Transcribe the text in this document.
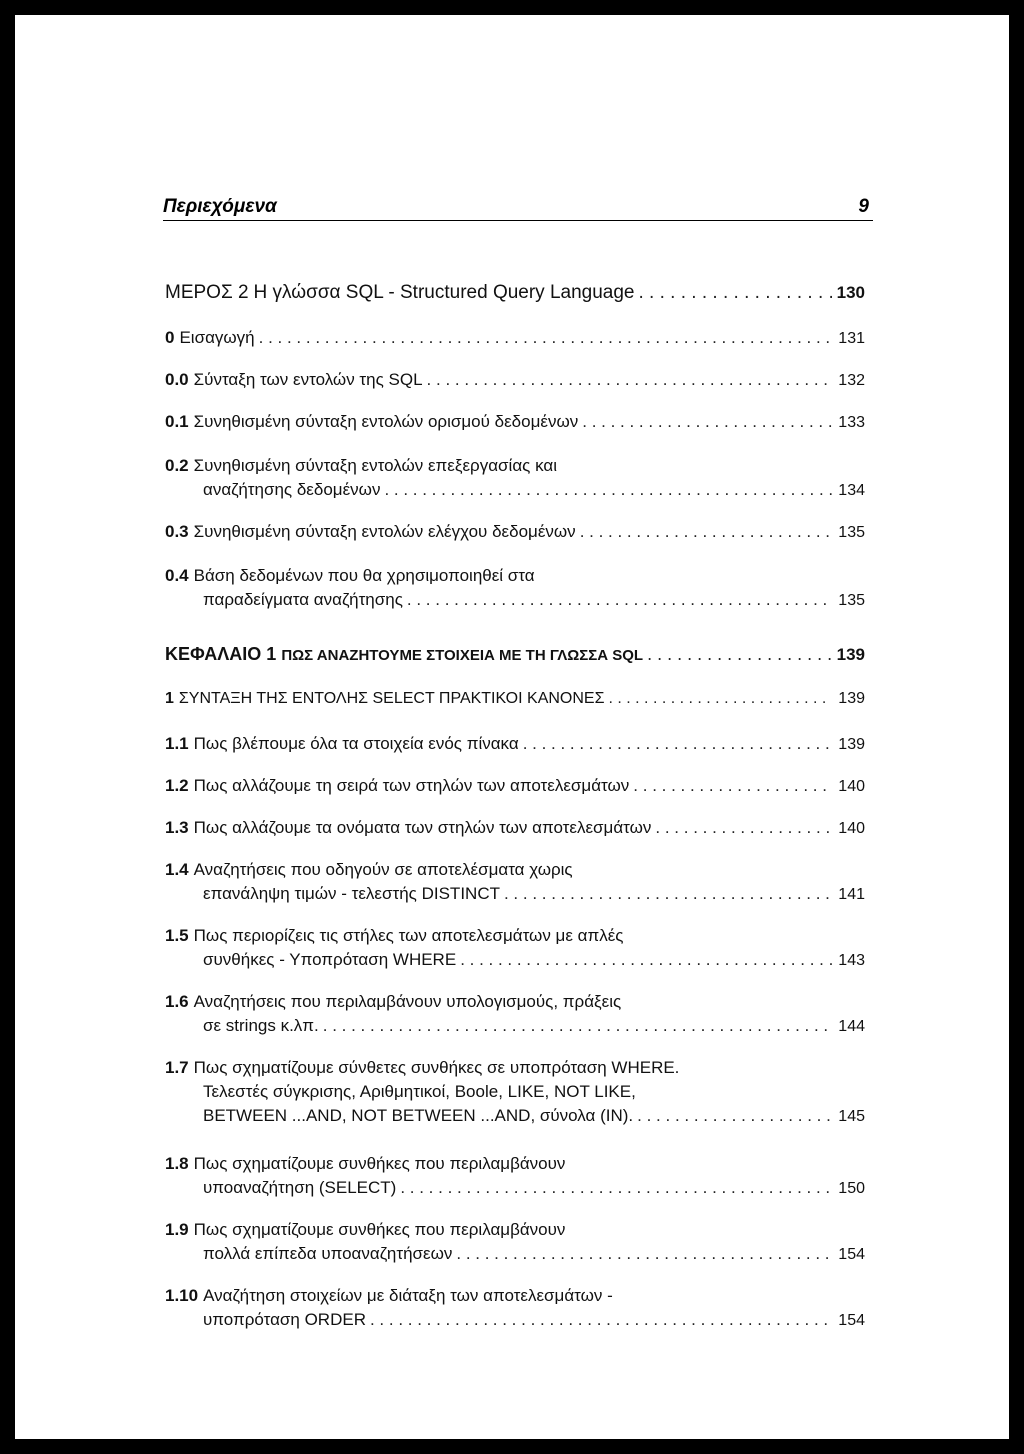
Περιεχόμενα	9
ΜΕΡΟΣ 2 Η γλώσσα SQL - Structured Query Language . . .	130
0 Εισαγωγή . . .	131
0.0 Σύνταξη των εντολών της SQL . . .	132
0.1 Συνηθισμένη σύνταξη εντολών ορισμού δεδομένων . . .	133
0.2 Συνηθισμένη σύνταξη εντολών επεξεργασίας και
αναζήτησης δεδομένων . . .	134
0.3 Συνηθισμένη σύνταξη εντολών ελέγχου δεδομένων . . .	135
0.4 Βάση δεδομένων που θα χρησιμοποιηθεί στα
παραδείγματα αναζήτησης . . .	135
ΚΕΦΑΛΑΙΟ 1 ΠΩΣ ΑΝΑΖΗΤΟΥΜΕ ΣΤΟΙΧΕΙΑ ΜΕ ΤΗ ΓΛΩΣΣΑ SQL . . .	139
1 ΣΥΝΤΑΞΗ ΤΗΣ ΕΝΤΟΛΗΣ SELECT ΠΡΑΚΤΙΚΟΙ ΚΑΝΟΝΕΣ . . .	139
1.1 Πως βλέπουμε όλα τα στοιχεία ενός πίνακα . . .	139
1.2 Πως αλλάζουμε τη σειρά των στηλών των αποτελεσμάτων . . .	140
1.3 Πως αλλάζουμε τα ονόματα των στηλών των αποτελεσμάτων . . .	140
1.4 Αναζητήσεις που οδηγούν σε αποτελέσματα χωρις
επανάληψη τιμών - τελεστής DISTINCT . . .	141
1.5 Πως περιορίζεις τις στήλες των αποτελεσμάτων με απλές
συνθήκες - Υποπρόταση WHERE . . .	143
1.6 Αναζητήσεις που περιλαμβάνουν υπολογισμούς, πράξεις
σε strings κ.λπ. . . .	144
1.7 Πως σχηματίζουμε σύνθετες συνθήκες σε υποπρόταση WHERE.
Τελεστές σύγκρισης, Αριθμητικοί, Boole, LIKE, NOT LIKE,
BETWEEN ...AND, NOT BETWEEN ...AND, σύνολα (IN). . . .	145
1.8 Πως σχηματίζουμε συνθήκες που περιλαμβάνουν
υποαναζήτηση (SELECT) . . .	150
1.9 Πως σχηματίζουμε συνθήκες που περιλαμβάνουν
πολλά επίπεδα υποαναζητήσεων . . .	154
1.10 Αναζήτηση στοιχείων με διάταξη των αποτελεσμάτων -
υποπρόταση ORDER . . .	154
